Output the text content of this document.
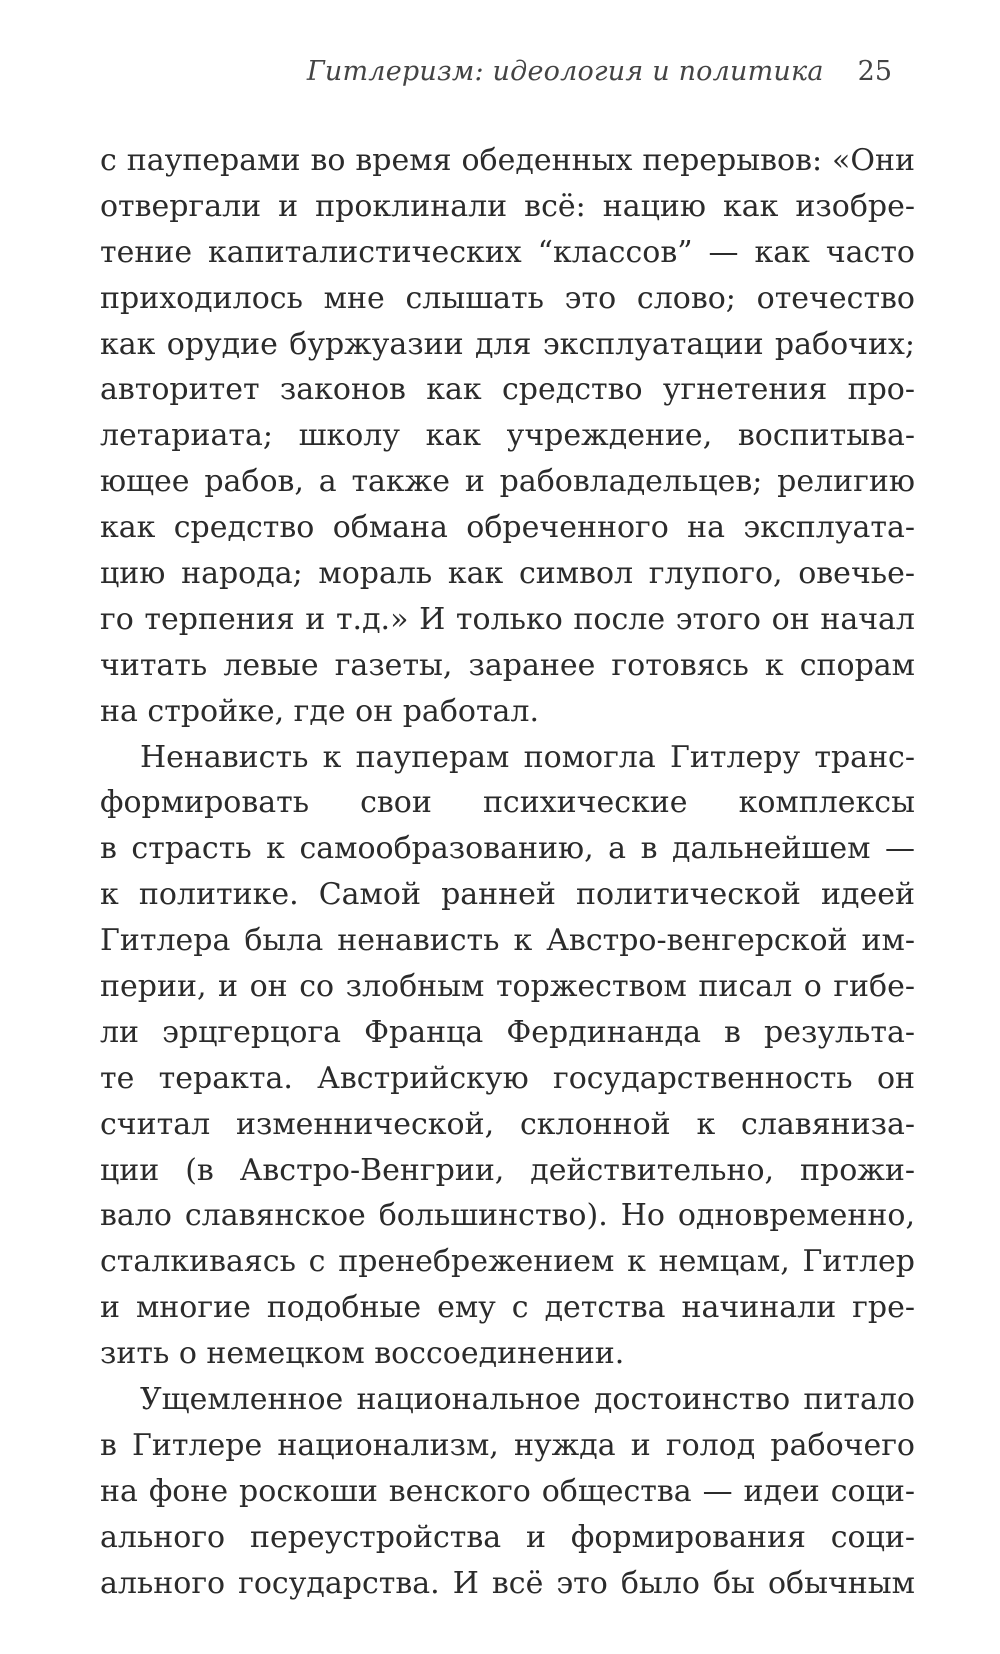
Гитлеризм: идеология и политика 25
с пауперами во время обеденных перерывов: «Они
отвергали и проклинали всё: нацию как изобре-
тение капиталистических “классов” — как часто
приходилось мне слышать это слово; отечество
как орудие буржуазии для эксплуатации рабочих;
авторитет законов как средство угнетения про-
летариата; школу как учреждение, воспитыва-
ющее рабов, а также и рабовладельцев; религию
как средство обмана обреченного на эксплуата-
цию народа; мораль как символ глупого, овечье-
го терпения и т.д.» И только после этого он начал
читать левые газеты, заранее готовясь к спорам
на стройке, где он работал.
Ненависть к пауперам помогла Гитлеру транс-
формировать свои психические комплексы
в страсть к самообразованию, а в дальнейшем —
к политике. Самой ранней политической идеей
Гитлера была ненависть к Австро-венгерской им-
перии, и он со злобным торжеством писал о гибе-
ли эрцгерцога Франца Фердинанда в результа-
те теракта. Австрийскую государственность он
считал изменнической, склонной к славяниза-
ции (в Австро-Венгрии, действительно, прожи-
вало славянское большинство). Но одновременно,
сталкиваясь с пренебрежением к немцам, Гитлер
и многие подобные ему с детства начинали гре-
зить о немецком воссоединении.
Ущемленное национальное достоинство питало
в Гитлере национализм, нужда и голод рабочего
на фоне роскоши венского общества — идеи соци-
ального переустройства и формирования соци-
ального государства. И всё это было бы обычным
